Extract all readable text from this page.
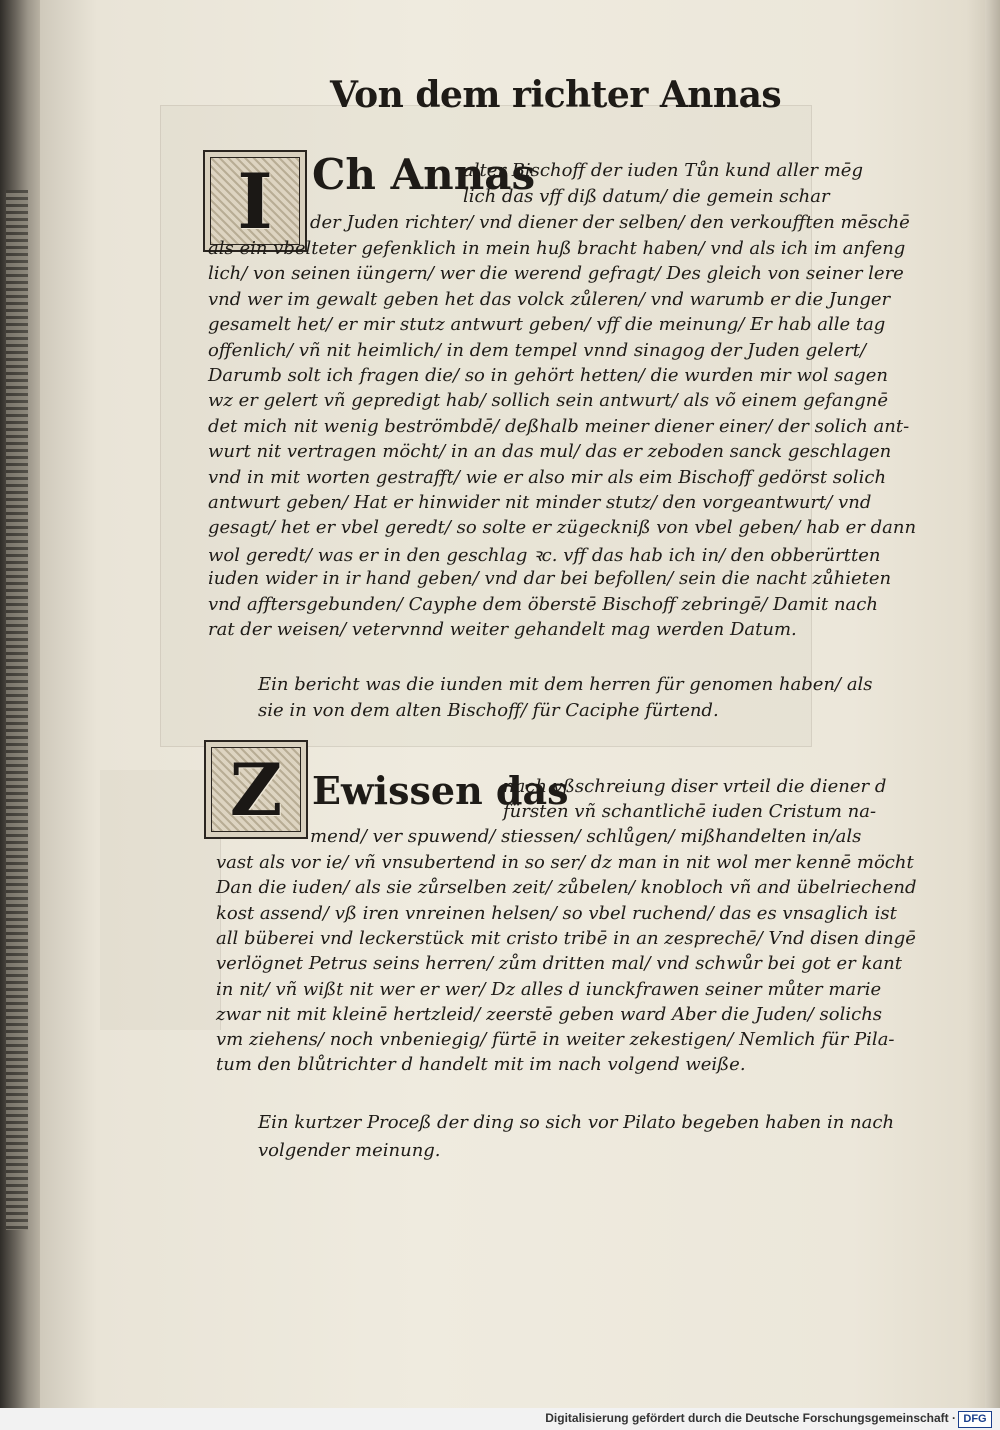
Von dem richter Annas
I Ch Annas
alter Bischoff der iuden Tůn kund aller mēg
lich das vff diß datum/ die gemein schar
der Juden richter/ vnd diener der selben/ den verkoufften mēschē
als ein vbelteter gefenklich in mein huß bracht haben/ vnd als ich im anfeng
lich/ von seinen iüngern/ wer die werend gefragt/ Des gleich von seiner lere
vnd wer im gewalt geben het das volck zůleren/ vnd warumb er die Junger
gesamelt het/ er mir stutz antwurt geben/ vff die meinung/ Er hab alle tag
offenlich/ vñ nit heimlich/ in dem tempel vnnd sinagog der Juden gelert/
Darumb solt ich fragen die/ so in gehört hetten/ die wurden mir wol sagen
wz er gelert vñ gepredigt hab/ sollich sein antwurt/ als võ einem gefangnē
det mich nit wenig beströmbdē/ deßhalb meiner diener einer/ der solich ant-
wurt nit vertragen möcht/ in an das mul/ das er zeboden sanck geschlagen
vnd in mit worten gestrafft/ wie er also mir als eim Bischoff gedörst solich
antwurt geben/ Hat er hinwider nit minder stutz/ den vorgeantwurt/ vnd
gesagt/ het er vbel geredt/ so solte er zügeckniß von vbel geben/ hab er dann
wol geredt/ was er in den geschlag ꝛc. vff das hab ich in/ den obberürtten
iuden wider in ir hand geben/ vnd dar bei befollen/ sein die nacht zůhieten
vnd afftersgebunden/ Cayphe dem öberstē Bischoff zebringē/ Damit nach
rat der weisen/ vetervnnd weiter gehandelt mag werden Datum.
Ein bericht was die iunden mit dem herren für genomen haben/ als
sie in von dem alten Bischoff/ für Caciphe fürtend.
Z Ewissen das
nach vßschreiung diser vrteil die diener d
fürsten vñ schantlichē iuden Cristum na-
mend/ ver spuwend/ stiessen/ schlůgen/ mißhandelten in/als
vast als vor ie/ vñ vnsubertend in so ser/ dz man in nit wol mer kennē möcht
Dan die iuden/ als sie zůrselben zeit/ zůbelen/ knobloch vñ and übelriechend
kost assend/ vß iren vnreinen helsen/ so vbel ruchend/ das es vnsaglich ist
all büberei vnd leckerstück mit cristo tribē in an zesprechē/ Vnd disen dingē
verlögnet Petrus seins herren/ zům dritten mal/ vnd schwůr bei got er kant
in nit/ vñ wißt nit wer er wer/ Dz alles d iunckfrawen seiner můter marie
zwar nit mit kleinē hertzleid/ zeerstē geben ward Aber die Juden/ solichs
vm ziehens/ noch vnbeniegig/ fürtē in weiter zekestigen/ Nemlich für Pila-
tum den blůtrichter d handelt mit im nach volgend weiße.
Ein kurtzer Proceß der ding so sich vor Pilato begeben haben in nach
volgender meinung.
Digitalisierung gefördert durch die Deutsche Forschungsgemeinschaft · DFG
